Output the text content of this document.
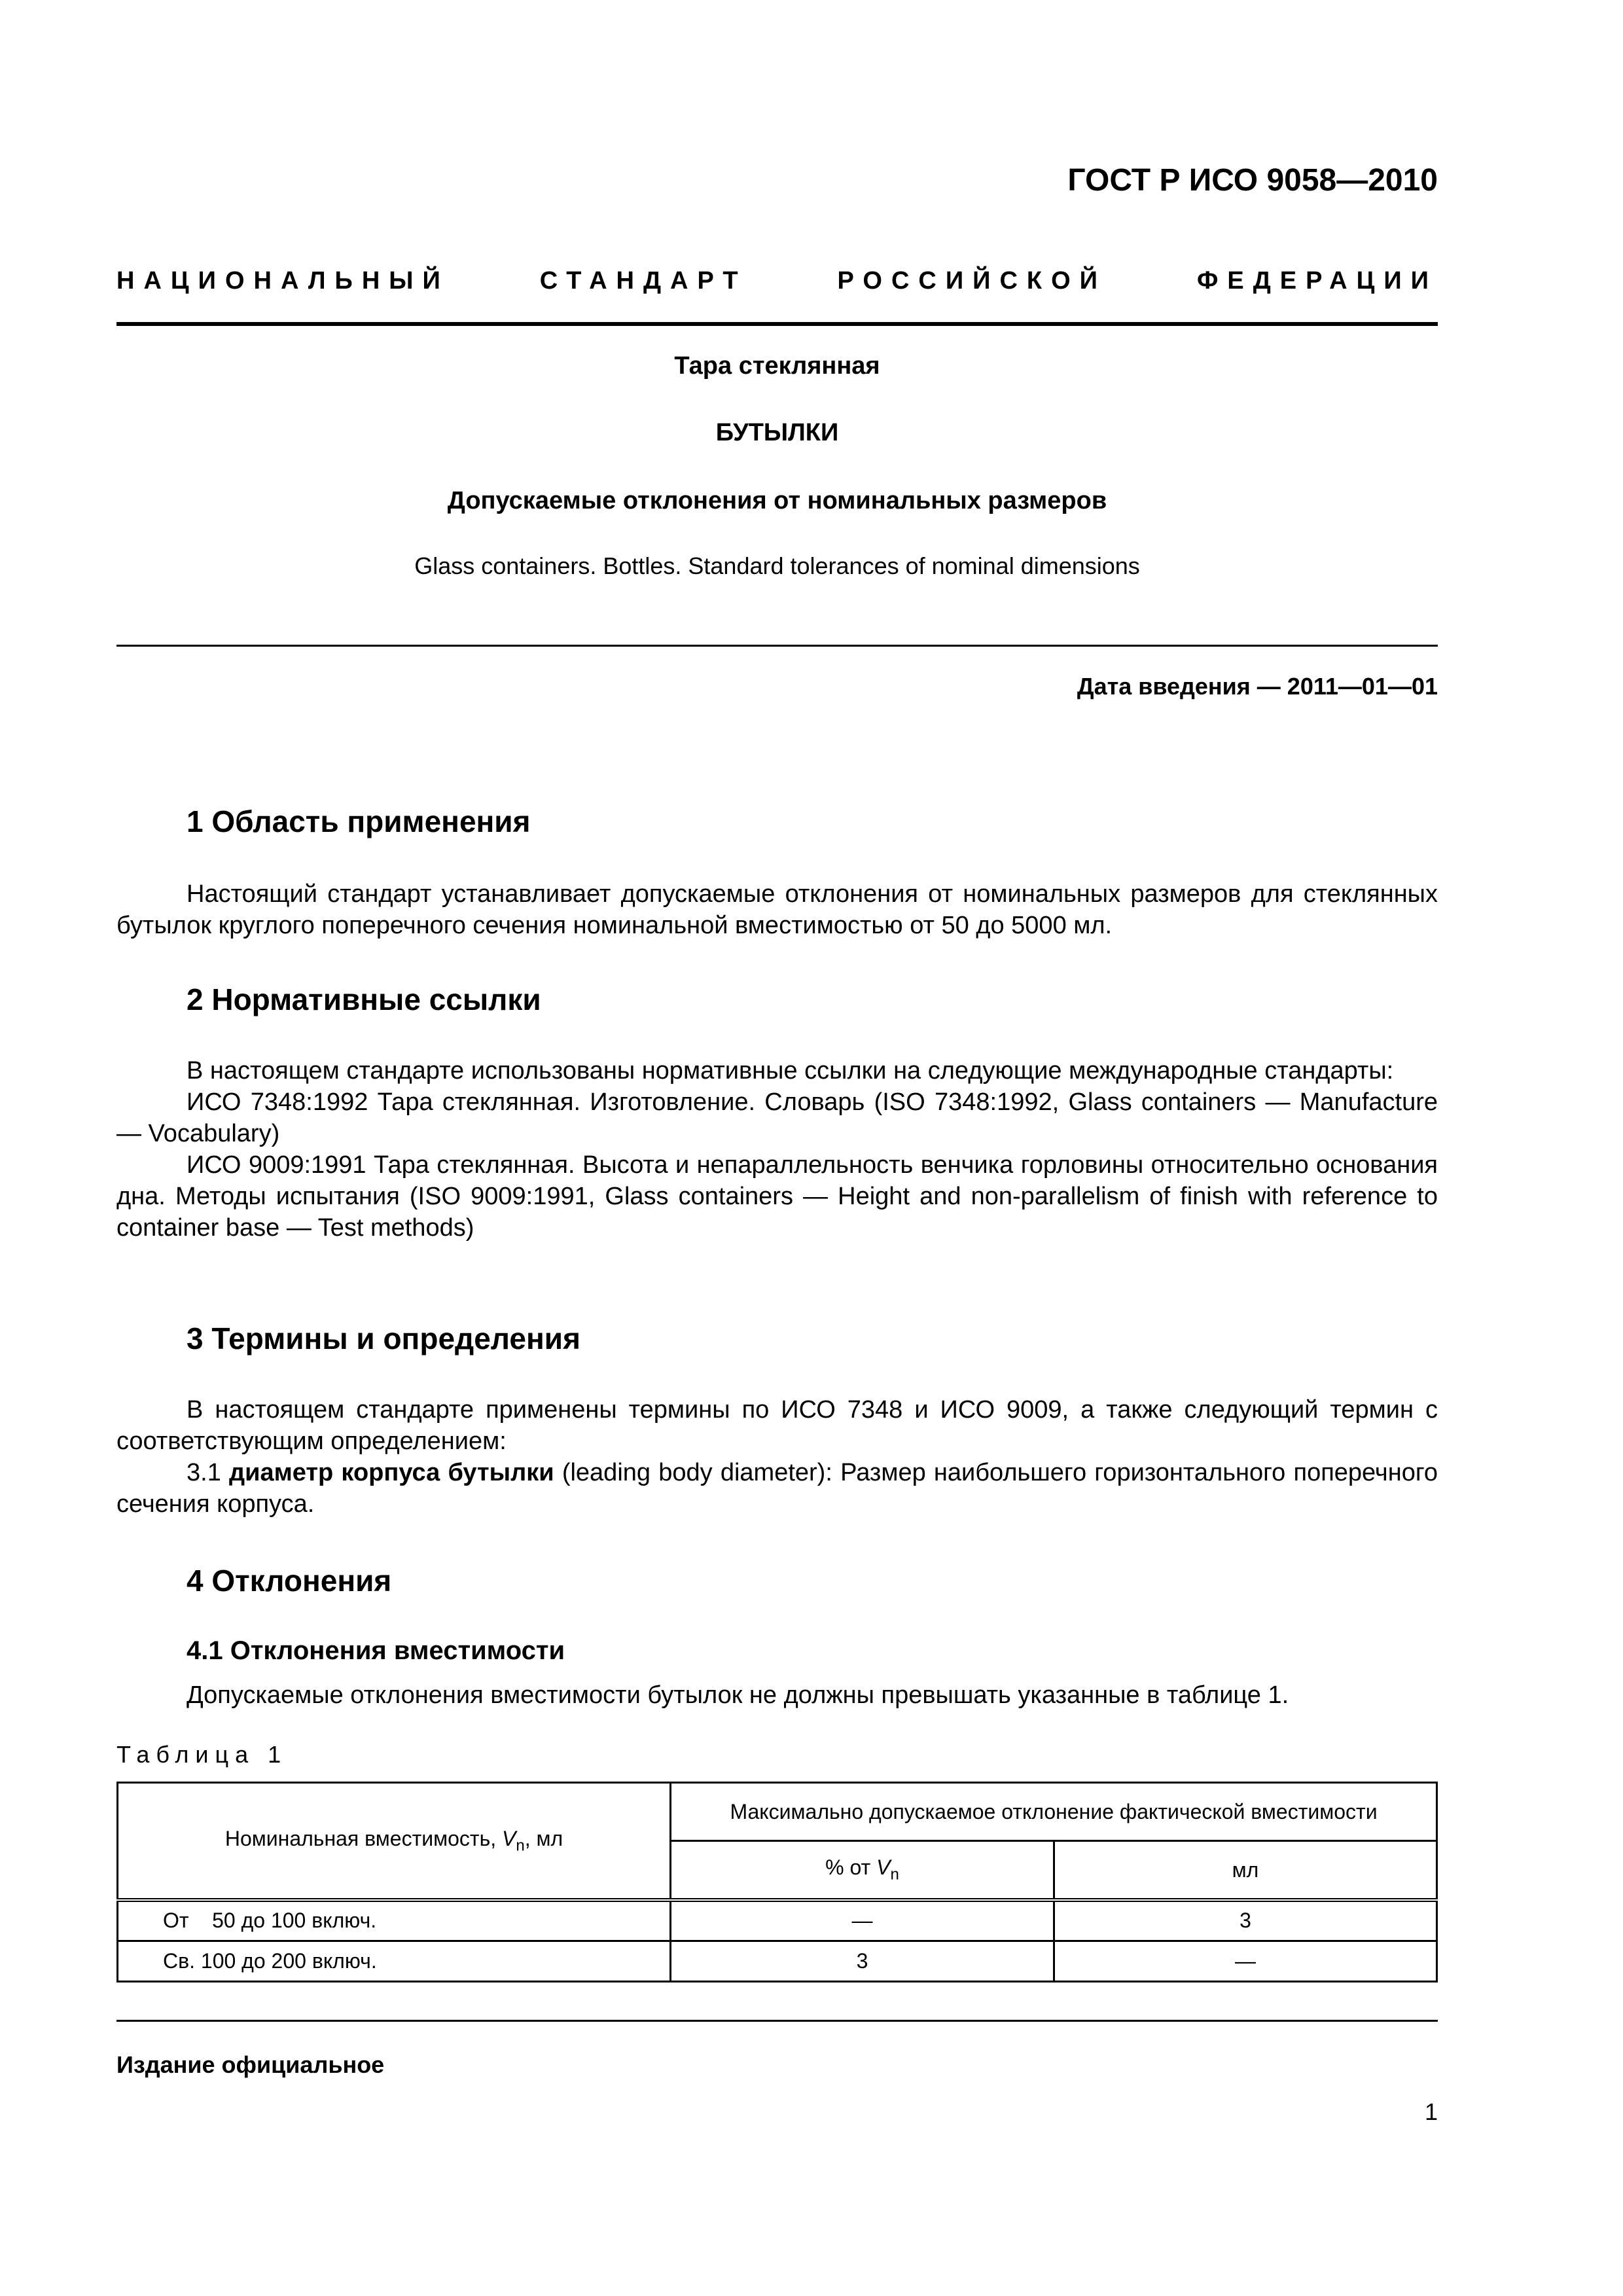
ГОСТ Р ИСО 9058—2010
НАЦИОНАЛЬНЫЙ	СТАНДАРТ	РОССИЙСКОЙ	ФЕДЕРАЦИИ
Тара стеклянная
БУТЫЛКИ
Допускаемые отклонения от номинальных размеров
Glass containers. Bottles. Standard tolerances of nominal dimensions
Дата введения — 2011—01—01
1 Область применения

Настоящий стандарт устанавливает допускаемые отклонения от номинальных размеров для стеклянных бутылок круглого поперечного сечения номинальной вместимостью от 50 до 5000 мл.

2 Нормативные ссылки

В настоящем стандарте использованы нормативные ссылки на следующие международные стандарты:

ИСО 7348:1992 Тара стеклянная. Изготовление. Словарь (ISO 7348:1992, Glass containers — Manufacture — Vocabulary)

ИСО 9009:1991 Тара стеклянная. Высота и непараллельность венчика горловины относительно основания дна. Методы испытания (ISO 9009:1991, Glass containers — Height and non-parallelism of finish with reference to container base — Test methods)

3 Термины и определения

В настоящем стандарте применены термины по ИСО 7348 и ИСО 9009, а также следующий термин с соответствующим определением:

3.1 диаметр корпуса бутылки (leading body diameter): Размер наибольшего горизонтального поперечного сечения корпуса.

4 Отклонения
4.1 Отклонения вместимости

Допускаемые отклонения вместимости бутылок не должны превышать указанные в таблице 1.

Таблица 1
Номинальная вместимость, $V_n$, мл	Максимально допускаемое отклонение фактической вместимости	
	% от $V_n$	мл
От    50 до 100 включ.	—	3
Св. 100 до 200 включ.	3	—
Издание официальное
1
